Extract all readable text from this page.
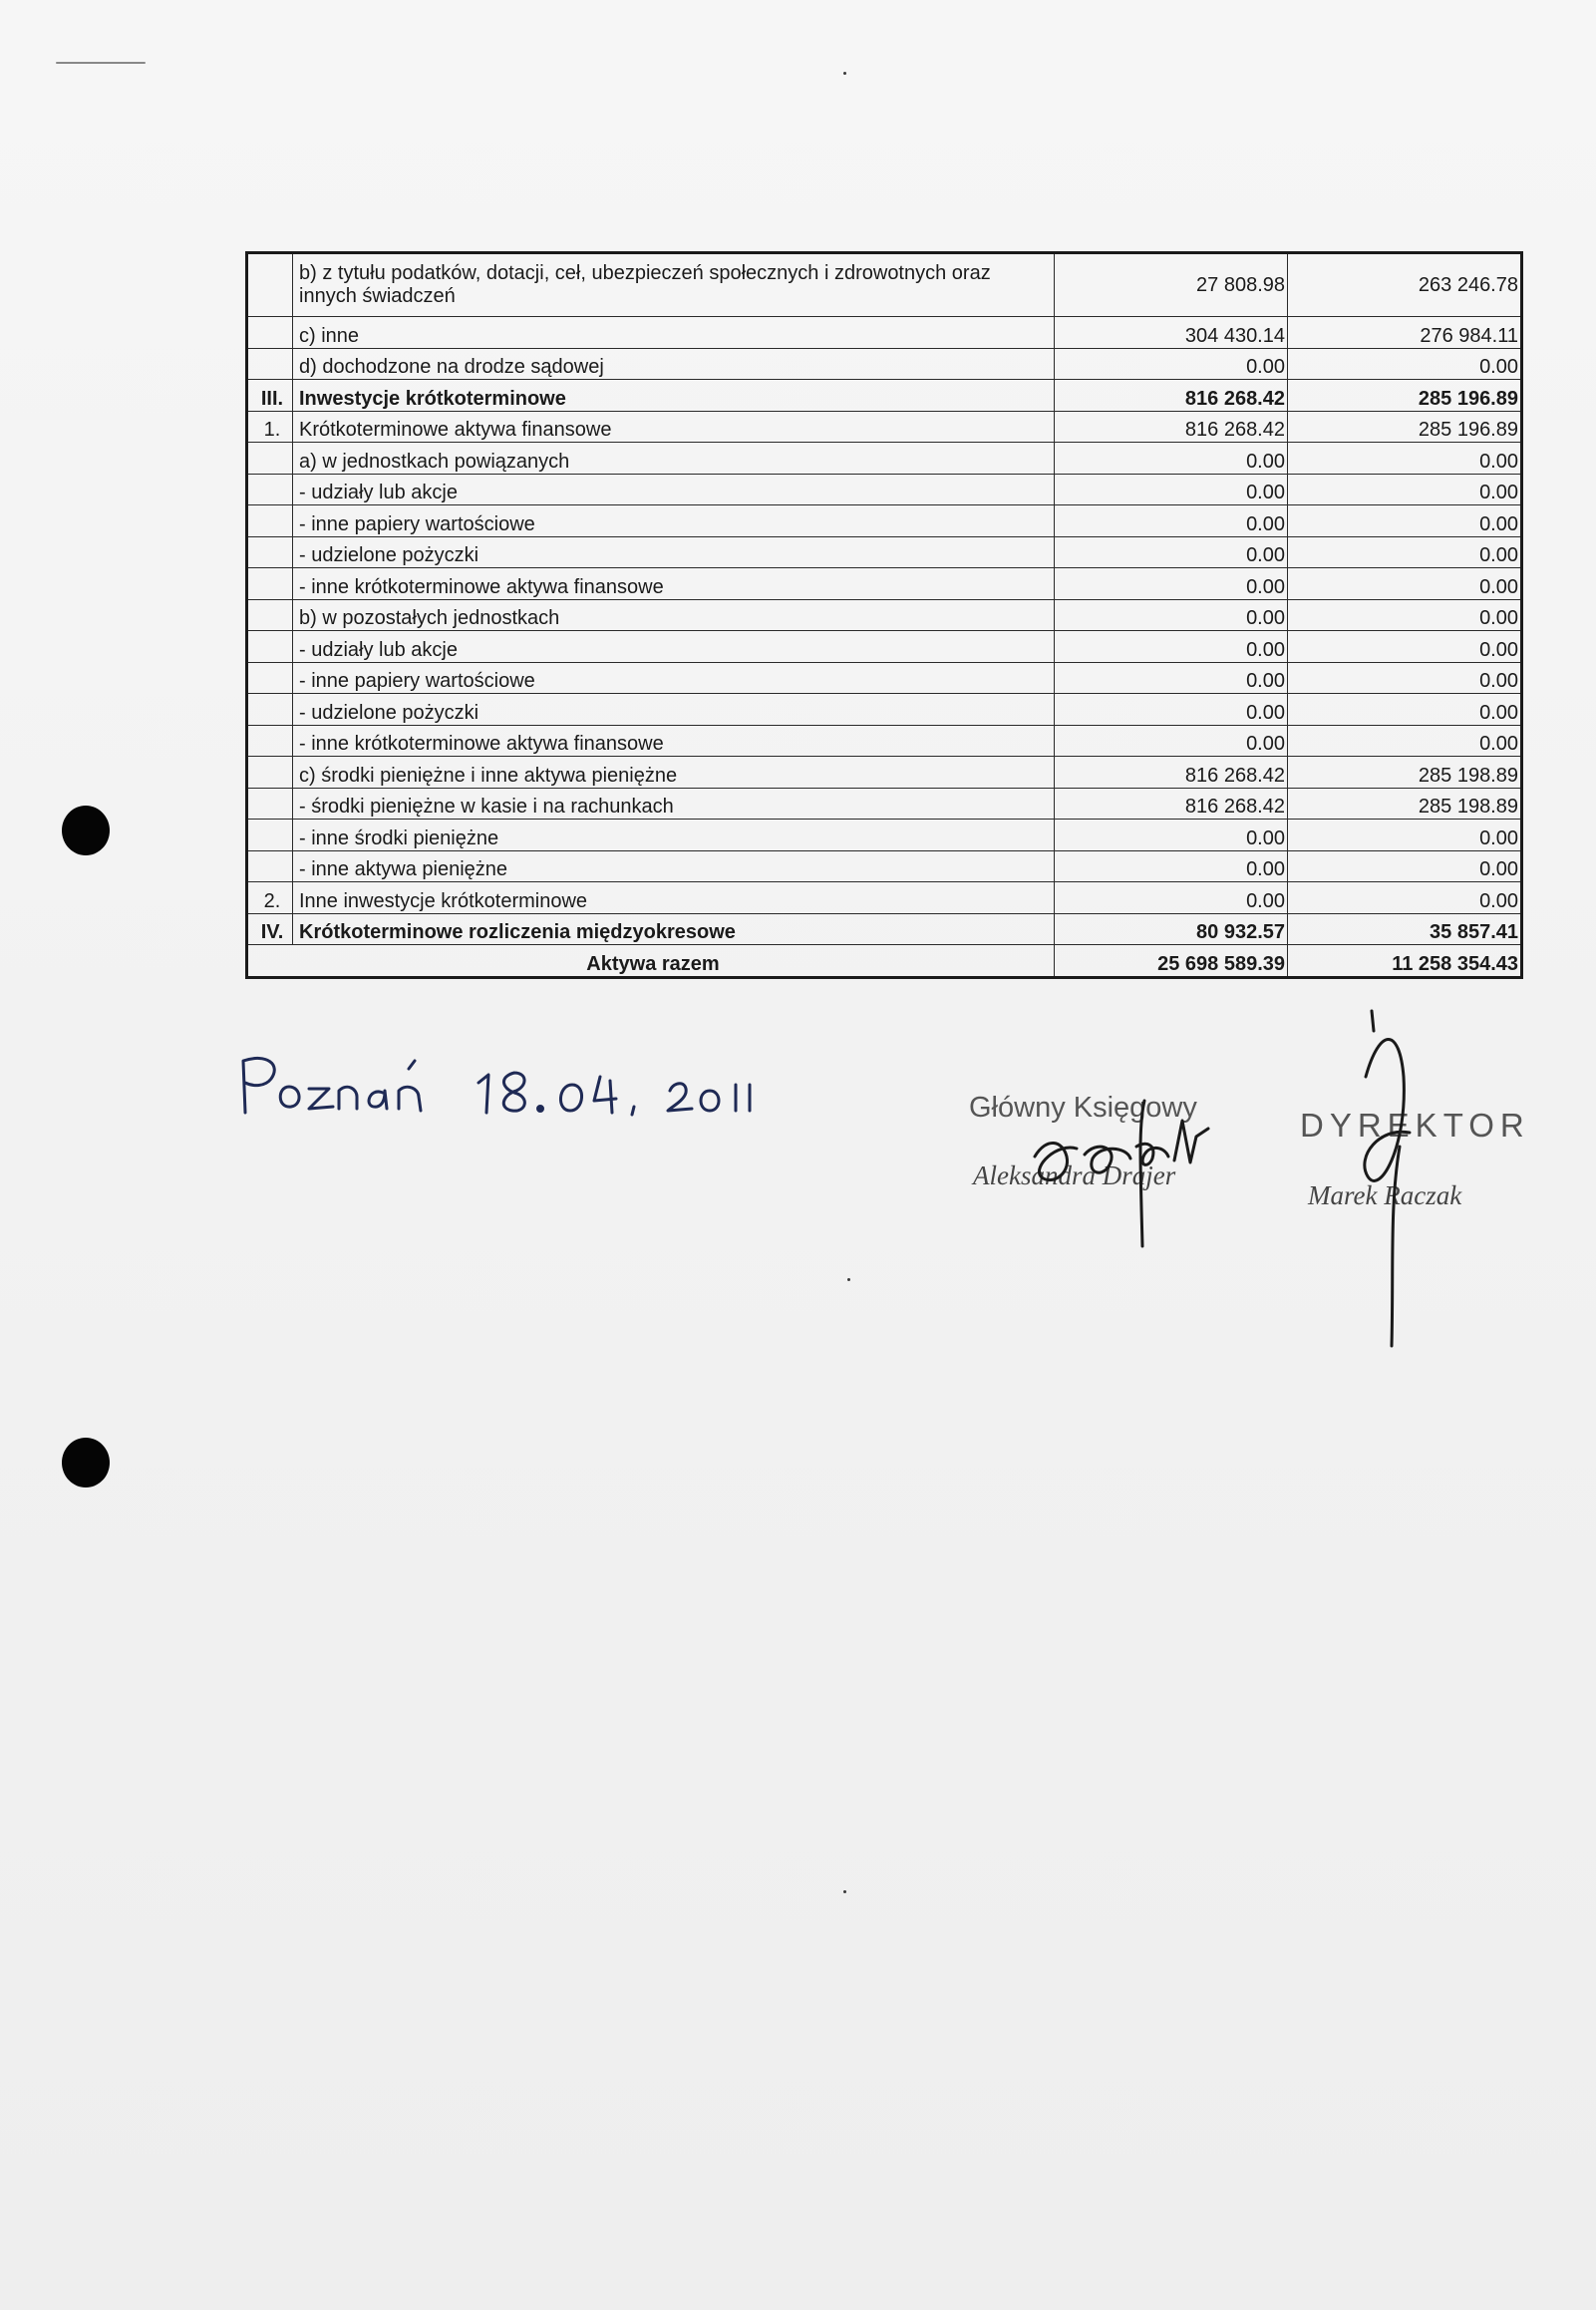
	b) z tytułu podatków, dotacji, ceł, ubezpieczeń społecznych i zdrowotnych oraz innych świadczeń	27 808.98	263 246.78
	c) inne	304 430.14	276 984.11
	d) dochodzone na drodze sądowej	0.00	0.00
III.	Inwestycje krótkoterminowe	816 268.42	285 196.89
1.	Krótkoterminowe aktywa finansowe	816 268.42	285 196.89
	a) w jednostkach powiązanych	0.00	0.00
	- udziały lub akcje	0.00	0.00
	- inne papiery wartościowe	0.00	0.00
	- udzielone pożyczki	0.00	0.00
	- inne krótkoterminowe aktywa finansowe	0.00	0.00
	b) w pozostałych jednostkach	0.00	0.00
	- udziały lub akcje	0.00	0.00
	- inne papiery wartościowe	0.00	0.00
	- udzielone pożyczki	0.00	0.00
	- inne krótkoterminowe aktywa finansowe	0.00	0.00
	c) środki pieniężne i inne aktywa pieniężne	816 268.42	285 198.89
	- środki pieniężne w kasie i na rachunkach	816 268.42	285 198.89
	- inne środki pieniężne	0.00	0.00
	- inne aktywa pieniężne	0.00	0.00
2.	Inne inwestycje krótkoterminowe	0.00	0.00
IV.	Krótkoterminowe rozliczenia międzyokresowe	80 932.57	35 857.41
Aktywa razem		25 698 589.39	11 258 354.43
Główny Księgowy
Aleksandra Drajer
DYREKTOR
Marek Raczak
